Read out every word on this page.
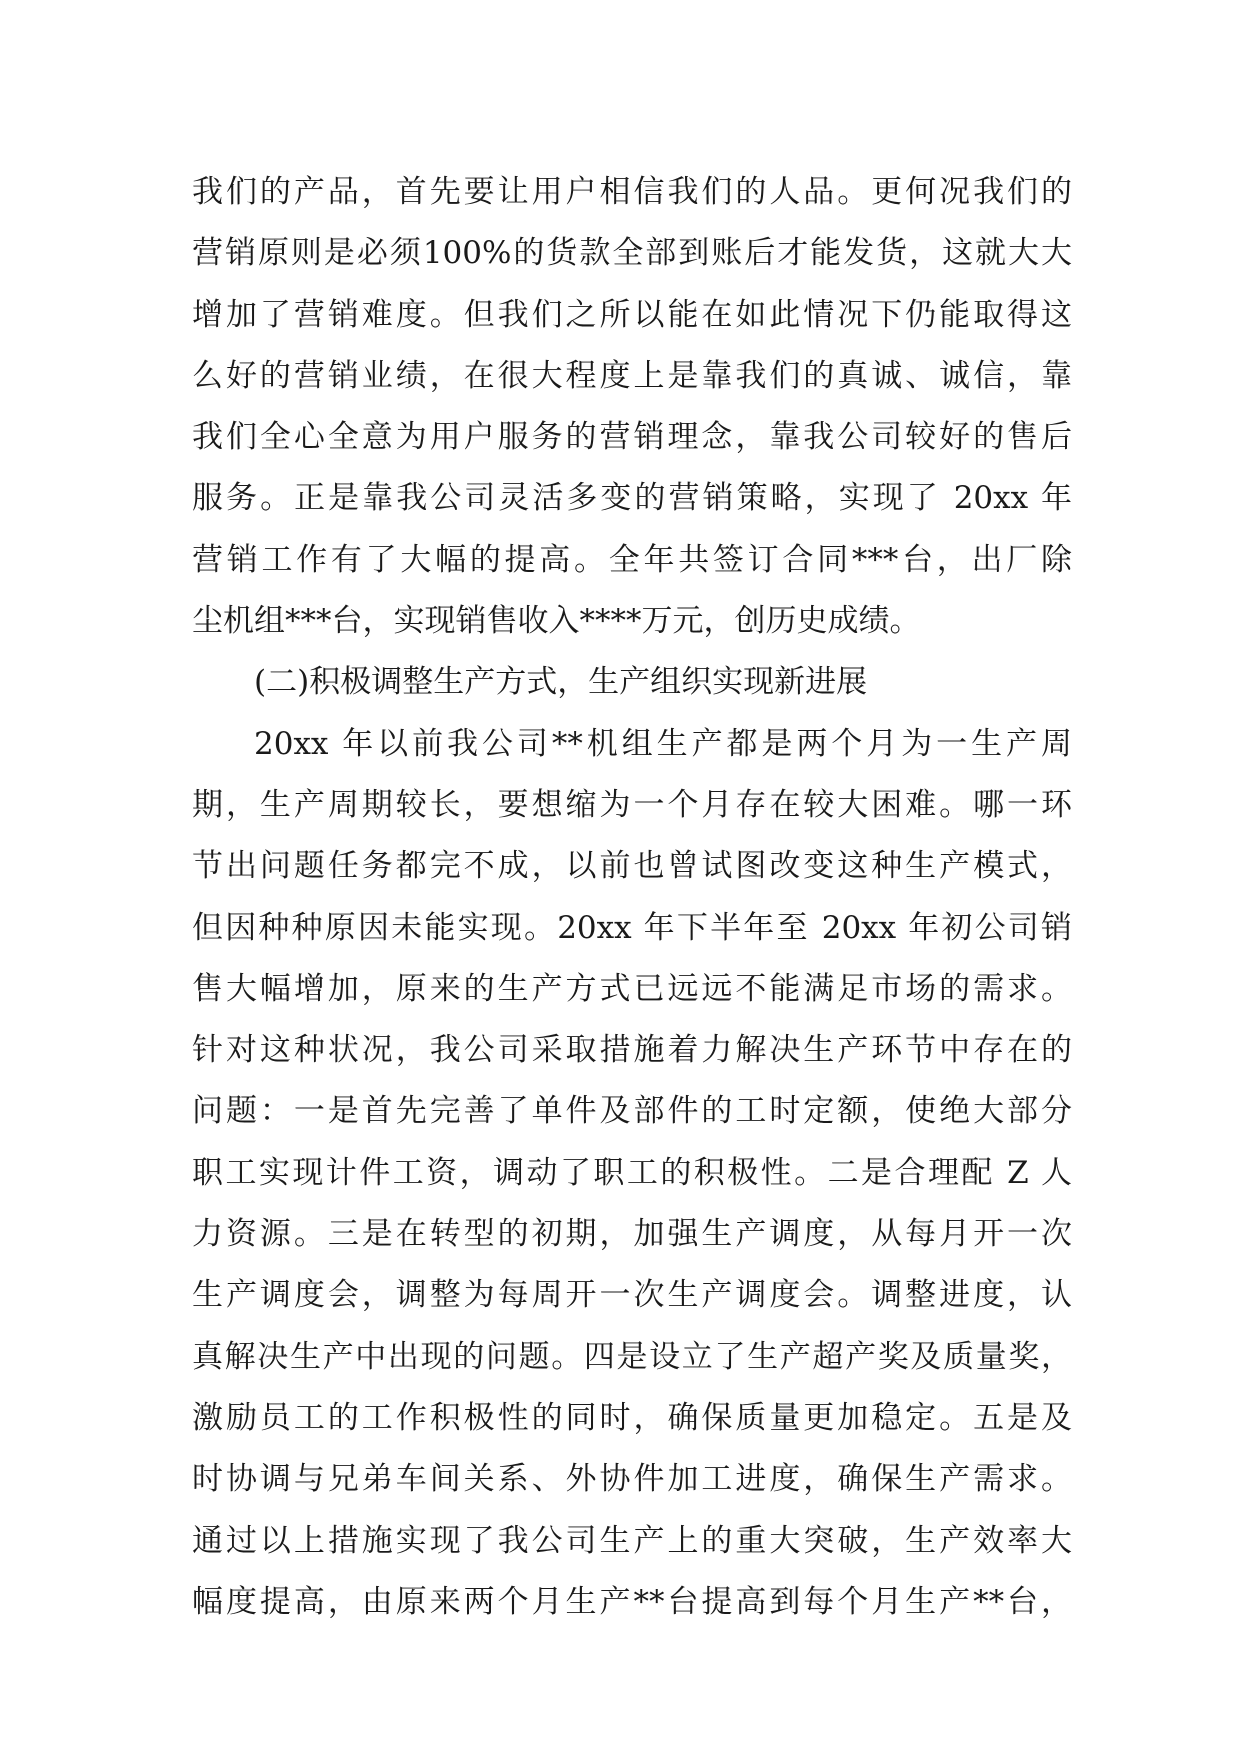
我们的产品，首先要让用户相信我们的人品。更何况我们的
营销原则是必须100%的货款全部到账后才能发货，这就大大
增加了营销难度。但我们之所以能在如此情况下仍能取得这
么好的营销业绩，在很大程度上是靠我们的真诚、诚信，靠
我们全心全意为用户服务的营销理念，靠我公司较好的售后
服务。正是靠我公司灵活多变的营销策略，实现了 20xx 年
营销工作有了大幅的提高。全年共签订合同***台，出厂除
尘机组***台，实现销售收入****万元，创历史成绩。
(二)积极调整生产方式，生产组织实现新进展
20xx 年以前我公司**机组生产都是两个月为一生产周
期，生产周期较长，要想缩为一个月存在较大困难。哪一环
节出问题任务都完不成，以前也曾试图改变这种生产模式，
但因种种原因未能实现。20xx 年下半年至 20xx 年初公司销
售大幅增加，原来的生产方式已远远不能满足市场的需求。
针对这种状况，我公司采取措施着力解决生产环节中存在的
问题：一是首先完善了单件及部件的工时定额，使绝大部分
职工实现计件工资，调动了职工的积极性。二是合理配 Z 人
力资源。三是在转型的初期，加强生产调度，从每月开一次
生产调度会，调整为每周开一次生产调度会。调整进度，认
真解决生产中出现的问题。四是设立了生产超产奖及质量奖，
激励员工的工作积极性的同时，确保质量更加稳定。五是及
时协调与兄弟车间关系、外协件加工进度，确保生产需求。
通过以上措施实现了我公司生产上的重大突破，生产效率大
幅度提高，由原来两个月生产**台提高到每个月生产**台，
